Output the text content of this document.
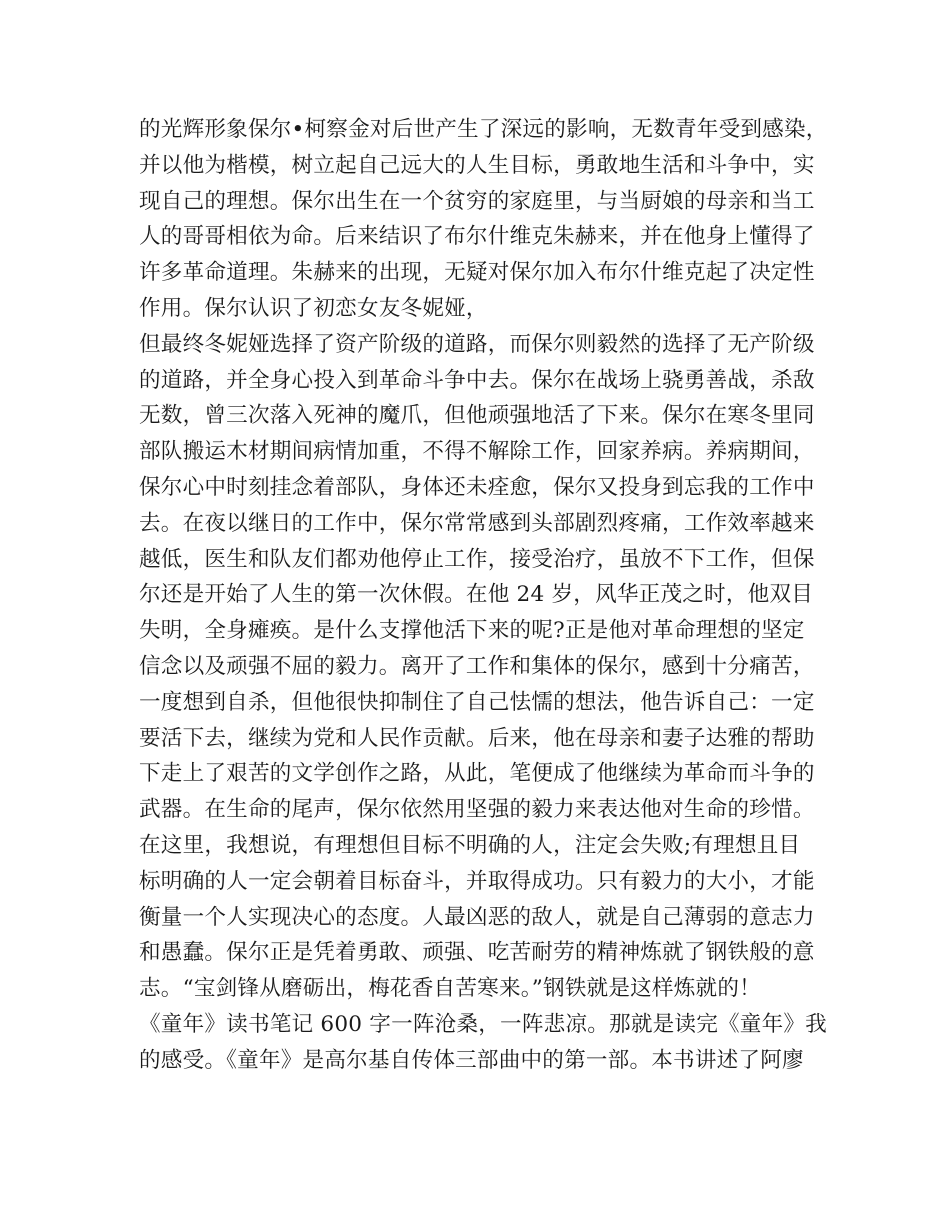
的光辉形象保尔•柯察金对后世产生了深远的影响，无数青年受到感染，
并以他为楷模，树立起自己远大的人生目标，勇敢地生活和斗争中，实
现自己的理想。保尔出生在一个贫穷的家庭里，与当厨娘的母亲和当工
人的哥哥相依为命。后来结识了布尔什维克朱赫来，并在他身上懂得了
许多革命道理。朱赫来的出现，无疑对保尔加入布尔什维克起了决定性
作用。保尔认识了初恋女友冬妮娅，
但最终冬妮娅选择了资产阶级的道路，而保尔则毅然的选择了无产阶级
的道路，并全身心投入到革命斗争中去。保尔在战场上骁勇善战，杀敌
无数，曾三次落入死神的魔爪，但他顽强地活了下来。保尔在寒冬里同
部队搬运木材期间病情加重，不得不解除工作，回家养病。养病期间，
保尔心中时刻挂念着部队，身体还未痊愈，保尔又投身到忘我的工作中
去。在夜以继日的工作中，保尔常常感到头部剧烈疼痛，工作效率越来
越低，医生和队友们都劝他停止工作，接受治疗，虽放不下工作，但保
尔还是开始了人生的第一次休假。在他 24 岁，风华正茂之时，他双目
失明，全身瘫痪。是什么支撑他活下来的呢?正是他对革命理想的坚定
信念以及顽强不屈的毅力。离开了工作和集体的保尔，感到十分痛苦，
一度想到自杀，但他很快抑制住了自己怯懦的想法，他告诉自己：一定
要活下去，继续为党和人民作贡献。后来，他在母亲和妻子达雅的帮助
下走上了艰苦的文学创作之路，从此，笔便成了他继续为革命而斗争的
武器。在生命的尾声，保尔依然用坚强的毅力来表达他对生命的珍惜。
在这里，我想说，有理想但目标不明确的人，注定会失败;有理想且目
标明确的人一定会朝着目标奋斗，并取得成功。只有毅力的大小，才能
衡量一个人实现决心的态度。人最凶恶的敌人，就是自己薄弱的意志力
和愚蠢。保尔正是凭着勇敢、顽强、吃苦耐劳的精神炼就了钢铁般的意
志。“宝剑锋从磨砺出，梅花香自苦寒来。”钢铁就是这样炼就的！
《童年》读书笔记 600 字一阵沧桑，一阵悲凉。那就是读完《童年》我
的感受。《童年》是高尔基自传体三部曲中的第一部。本书讲述了阿廖
